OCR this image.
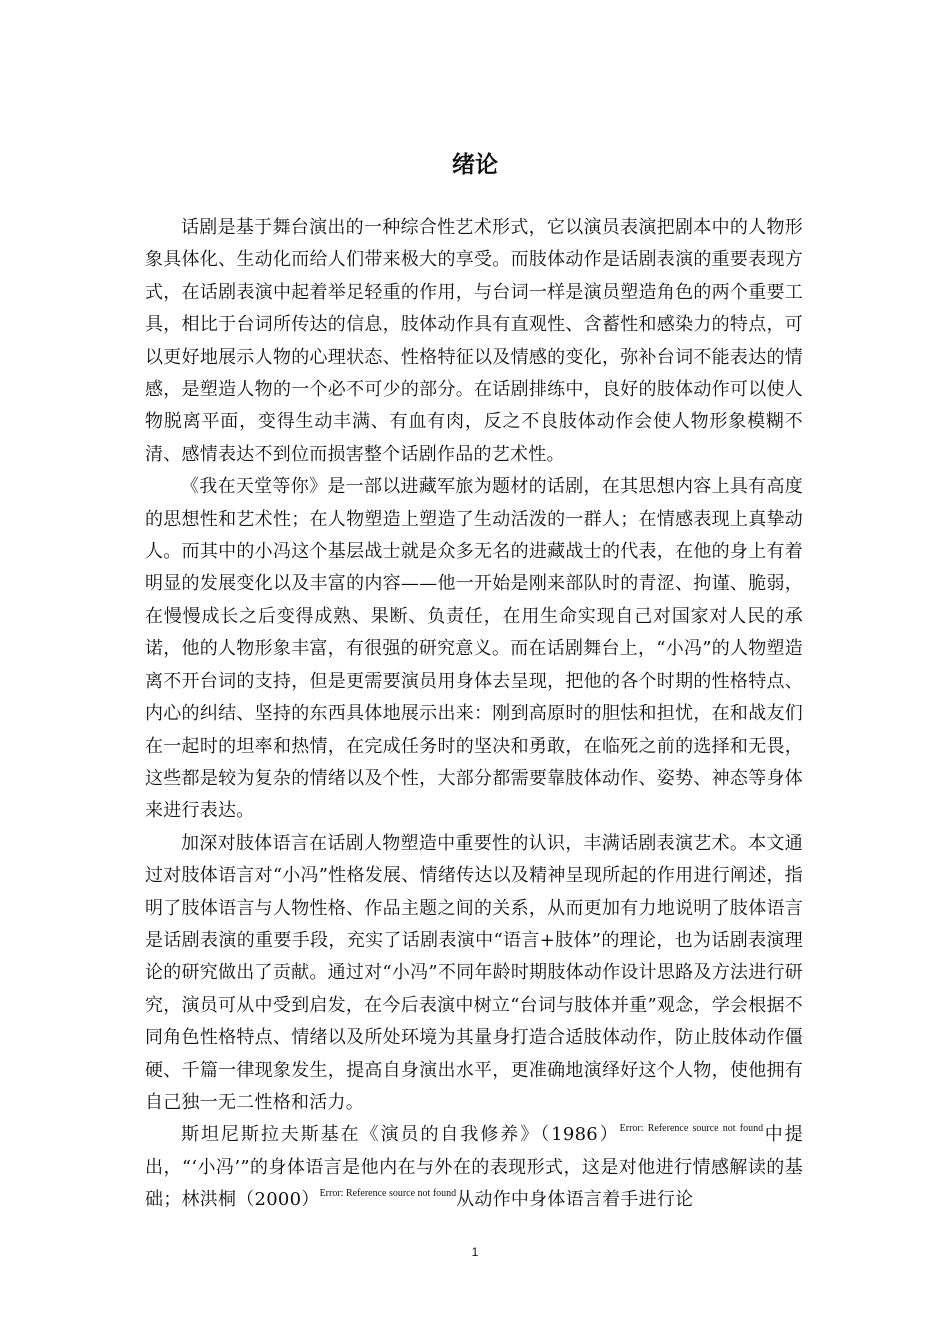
绪论

话剧是基于舞台演出的一种综合性艺术形式，它以演员表演把剧本中的人物形象具体化、生动化而给人们带来极大的享受。而肢体动作是话剧表演的重要表现方式，在话剧表演中起着举足轻重的作用，与台词一样是演员塑造角色的两个重要工具，相比于台词所传达的信息，肢体动作具有直观性、含蓄性和感染力的特点，可以更好地展示人物的心理状态、性格特征以及情感的变化，弥补台词不能表达的情感，是塑造人物的一个必不可少的部分。在话剧排练中，良好的肢体动作可以使人物脱离平面，变得生动丰满、有血有肉，反之不良肢体动作会使人物形象模糊不清、感情表达不到位而损害整个话剧作品的艺术性。

《我在天堂等你》是一部以进藏军旅为题材的话剧，在其思想内容上具有高度的思想性和艺术性；在人物塑造上塑造了生动活泼的一群人；在情感表现上真挚动人。而其中的小冯这个基层战士就是众多无名的进藏战士的代表，在他的身上有着明显的发展变化以及丰富的内容——他一开始是刚来部队时的青涩、拘谨、脆弱，在慢慢成长之后变得成熟、果断、负责任，在用生命实现自己对国家对人民的承诺，他的人物形象丰富，有很强的研究意义。而在话剧舞台上，“小冯”的人物塑造离不开台词的支持，但是更需要演员用身体去呈现，把他的各个时期的性格特点、内心的纠结、坚持的东西具体地展示出来：刚到高原时的胆怯和担忧，在和战友们在一起时的坦率和热情，在完成任务时的坚决和勇敢，在临死之前的选择和无畏，这些都是较为复杂的情绪以及个性，大部分都需要靠肢体动作、姿势、神态等身体来进行表达。

加深对肢体语言在话剧人物塑造中重要性的认识，丰满话剧表演艺术。本文通过对肢体语言对“小冯”性格发展、情绪传达以及精神呈现所起的作用进行阐述，指明了肢体语言与人物性格、作品主题之间的关系，从而更加有力地说明了肢体语言是话剧表演的重要手段，充实了话剧表演中“语言+肢体”的理论，也为话剧表演理论的研究做出了贡献。通过对“小冯”不同年龄时期肢体动作设计思路及方法进行研究，演员可从中受到启发，在今后表演中树立“台词与肢体并重”观念，学会根据不同角色性格特点、情绪以及所处环境为其量身打造合适肢体动作，防止肢体动作僵硬、千篇一律现象发生，提高自身演出水平，更准确地演绎好这个人物，使他拥有自己独一无二性格和活力。

斯坦尼斯拉夫斯基在《演员的自我修养》$(1986)^{Error: Reference source not found}$中提出，“‘小冯’”的身体语言是他内在与外在的表现形式，这是对他进行情感解读的基础；林洪桐$(2000)^{Error: Reference source not found}$从动作中身体语言着手进行论

1
